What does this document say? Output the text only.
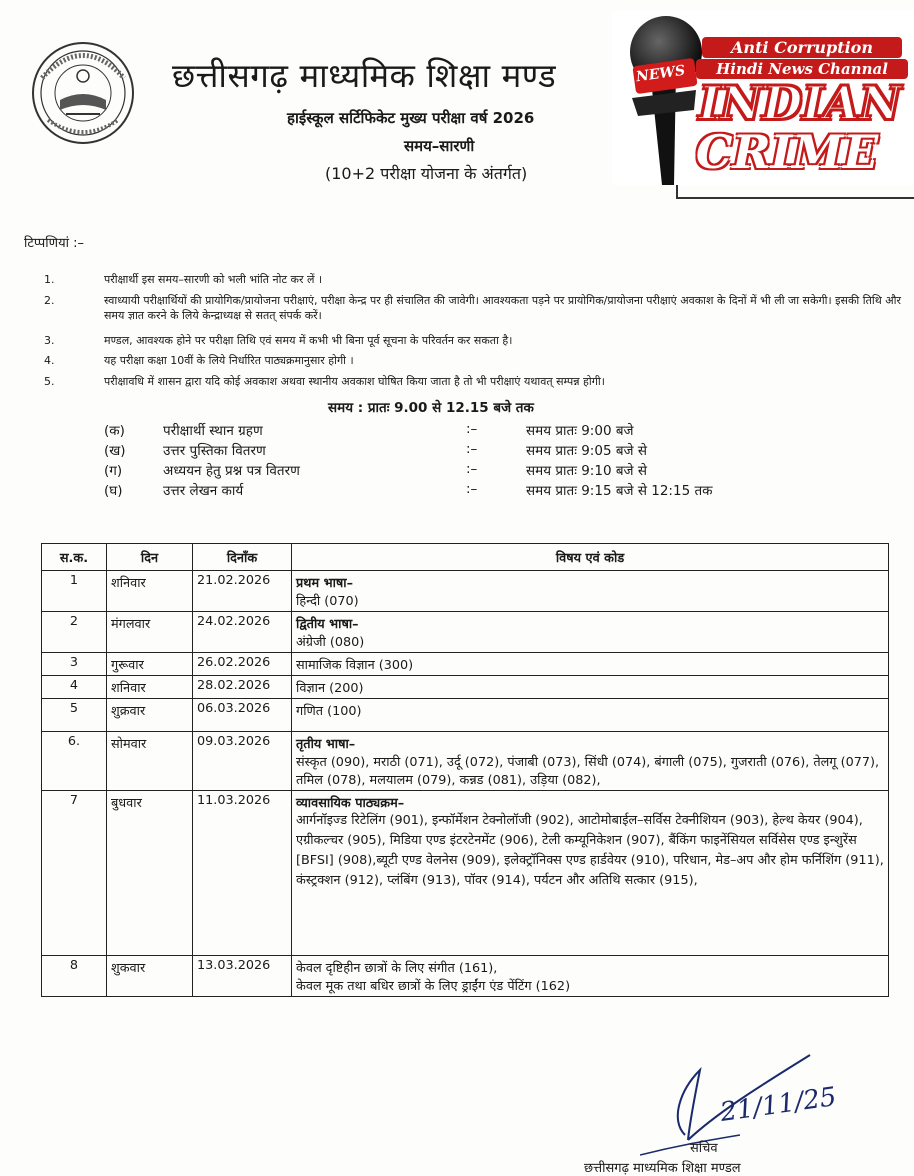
छत्तीसगढ़ माध्यमिक शिक्षा मण्ड
हाईस्कूल सर्टिफिकेट मुख्य परीक्षा वर्ष 2026
समय–सारणी
(10+2 परीक्षा योजना के अंतर्गत)
NEWS
Anti Corruption
Hindi News Channal
INDIAN
CRIME
टिप्पणियां :–
1.	परीक्षार्थी इस समय–सारणी को भली भांति नोट कर लें ।
2.	स्वाध्यायी परीक्षार्थियों की प्रायोगिक/प्रायोजना परीक्षाएं, परीक्षा केन्द्र पर ही संचालित की जावेगी। आवश्यकता पड़ने पर प्रायोगिक/प्रायोजना परीक्षाएं अवकाश के दिनों में भी ली जा सकेगी। इसकी तिथि और समय ज्ञात करने के लिये केन्द्राध्यक्ष से सतत् संपर्क करें।
3.	मण्डल, आवश्यक होने पर परीक्षा तिथि एवं समय में कभी भी बिना पूर्व सूचना के परिवर्तन कर सकता है।
4.	यह परीक्षा कक्षा 10वीं के लिये निर्धारित पाठ्यक्रमानुसार होगी ।
5.	परीक्षावधि में शासन द्वारा यदि कोई अवकाश अथवा स्थानीय अवकाश घोषित किया जाता है तो भी परीक्षाएं यथावत् सम्पन्न होगी।
समय : प्रातः 9.00 से 12.15 बजे तक
(क)	परीक्षार्थी स्थान ग्रहण	:–	समय प्रातः 9:00 बजे
(ख)	उत्तर पुस्तिका वितरण	:–	समय प्रातः 9:05 बजे से
(ग)	अध्ययन हेतु प्रश्न पत्र वितरण	:–	समय प्रातः 9:10 बजे से
(घ)	उत्तर लेखन कार्य	:–	समय प्रातः 9:15 बजे से 12:15 तक
स.क.	दिन	दिनाँक	विषय एवं कोड
1	शनिवार	21.02.2026	प्रथम भाषा–
हिन्दी (070)

2	मंगलवार	24.02.2026	द्वितीय भाषा–
अंग्रेजी (080)

3	गुरूवार	26.02.2026	सामाजिक विज्ञान (300)
4	शनिवार	28.02.2026	विज्ञान (200)
5	शुक्रवार	06.03.2026	गणित (100)
6.	सोमवार	09.03.2026	तृतीय भाषा–
संस्कृत (090), मराठी (071), उर्दू (072), पंजाबी (073), सिंधी (074), बंगाली (075), गुजराती (076), तेलगू (077), तमिल (078), मलयालम (079), कन्नड (081), उड़िया (082),

7	बुधवार	11.03.2026	व्यावसायिक पाठ्यक्रम–
आर्गनॉइज्ड रिटेलिंग (901), इन्फॉर्मेशन टेक्नोलॉजी (902), आटोमोबाईल–सर्विस टेक्नीशियन (903), हेल्थ केयर (904), एग्रीकल्चर (905), मिडिया एण्ड इंटरटेनमेंट (906), टेली कम्यूनिकेशन (907), बैंकिंग फाइनेंसियल सर्विसेस एण्ड इन्शुरेंस [BFSI] (908),ब्यूटी एण्ड वेलनेस (909), इलेक्ट्रॉनिक्स एण्ड हार्डवेयर (910), परिधान, मेड–अप और होम फर्निशिंग (911), कंस्ट्रक्शन (912), प्लंबिंग (913), पॉवर (914), पर्यटन और अतिथि सत्कार (915),

8	शुकवार	13.03.2026	केवल दृष्टिहीन छात्रों के लिए संगीत (161),
केवल मूक तथा बधिर छात्रों के लिए ड्राईंग एंड पेंटिंग (162)
21/11/25
सचिव
छत्तीसगढ़ माध्यमिक शिक्षा मण्डल
